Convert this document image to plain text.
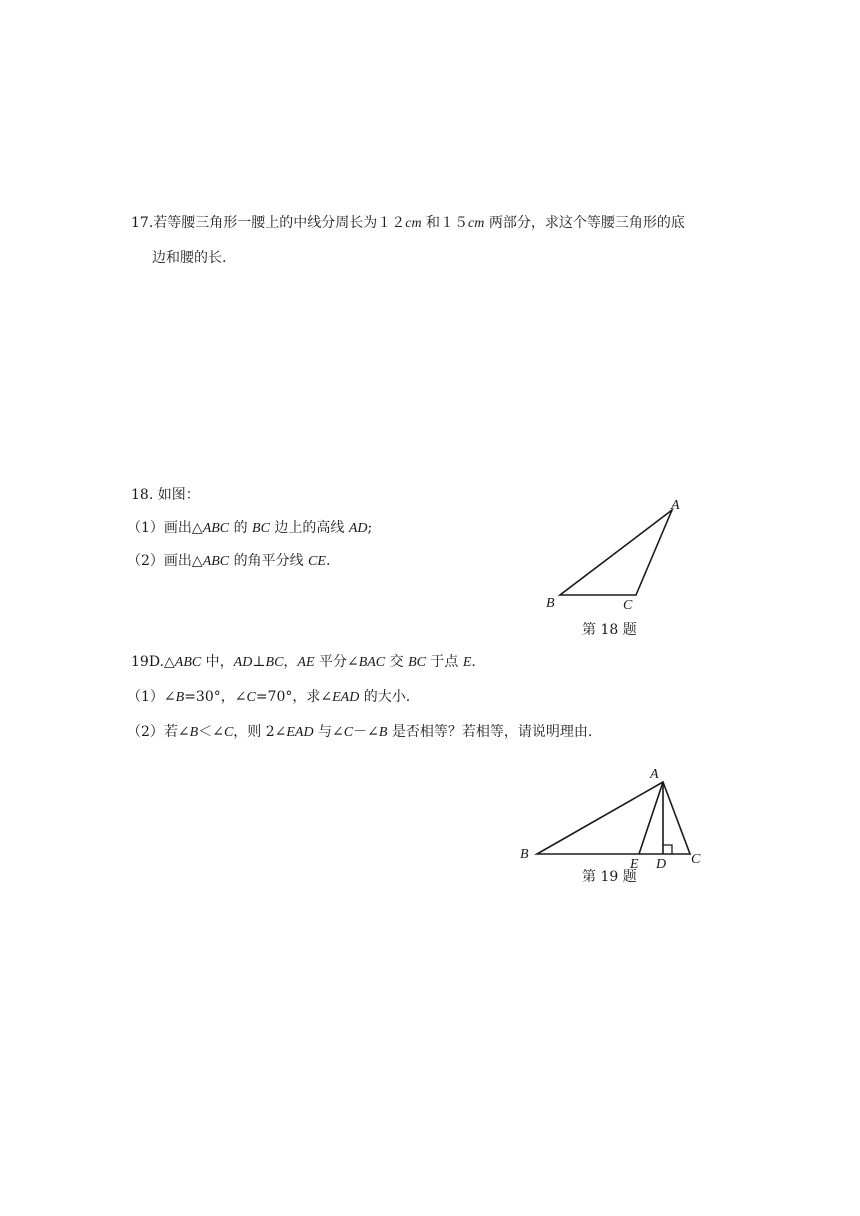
17.若等腰三角形一腰上的中线分周长为１２cm 和１５cm 两部分，求这个等腰三角形的底
边和腰的长.
18. 如图：
（1）画出△ABC 的 BC 边上的高线 AD;
（2）画出△ABC 的角平分线 CE.
A
B	C
第 18 题
19D.△ABC 中，AD⊥BC，AE 平分∠BAC 交 BC 于点 E.
（1）∠B=30°，∠C=70°，求∠EAD 的大小.
（2）若∠B＜∠C，则 2∠EAD 与∠C－∠B 是否相等？若相等，请说明理由.
A
B
E D C
第 19 题
